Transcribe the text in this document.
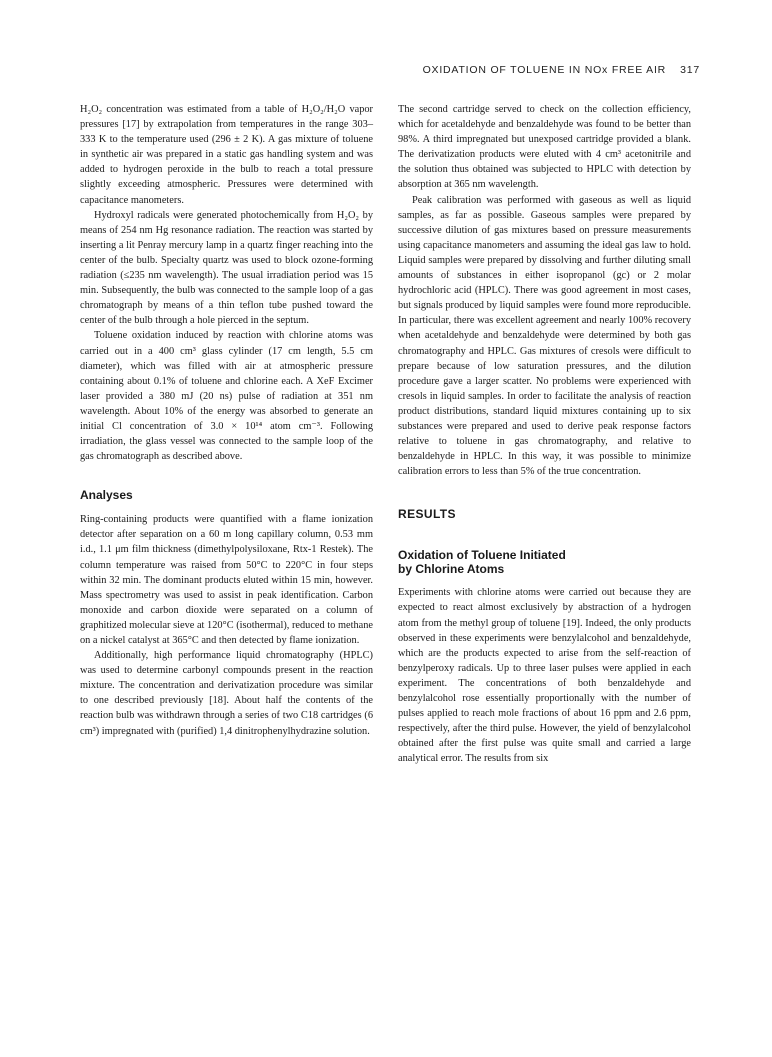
OXIDATION OF TOLUENE IN NOx FREE AIR 317

H₂O₂ concentration was estimated from a table of H₂O₂/H₂O vapor pressures [17] by extrapolation from temperatures in the range 303–333 K to the temperature used (296 ± 2 K). A gas mixture of toluene in synthetic air was prepared in a static gas handling system and was added to hydrogen peroxide in the bulb to reach a total pressure slightly exceeding atmospheric. Pressures were determined with capacitance manometers.

Hydroxyl radicals were generated photochemically from H₂O₂ by means of 254 nm Hg resonance radiation. The reaction was started by inserting a lit Penray mercury lamp in a quartz finger reaching into the center of the bulb. Specialty quartz was used to block ozone-forming radiation (≤235 nm wavelength). The usual irradiation period was 15 min. Subsequently, the bulb was connected to the sample loop of a gas chromatograph by means of a thin teflon tube pushed toward the center of the bulb through a hole pierced in the septum.

Toluene oxidation induced by reaction with chlorine atoms was carried out in a 400 cm³ glass cylinder (17 cm length, 5.5 cm diameter), which was filled with air at atmospheric pressure containing about 0.1% of toluene and chlorine each. A XeF Excimer laser provided a 380 mJ (20 ns) pulse of radiation at 351 nm wavelength. About 10% of the energy was absorbed to generate an initial Cl concentration of 3.0 × 10¹⁴ atom cm⁻³. Following irradiation, the glass vessel was connected to the sample loop of the gas chromatograph as described above.

Analyses

Ring-containing products were quantified with a flame ionization detector after separation on a 60 m long capillary column, 0.53 mm i.d., 1.1 μm film thickness (dimethylpolysiloxane, Rtx-1 Restek). The column temperature was raised from 50°C to 220°C in four steps within 32 min. The dominant products eluted within 15 min, however. Mass spectrometry was used to assist in peak identification. Carbon monoxide and carbon dioxide were separated on a column of graphitized molecular sieve at 120°C (isothermal), reduced to methane on a nickel catalyst at 365°C and then detected by flame ionization.

Additionally, high performance liquid chromatography (HPLC) was used to determine carbonyl compounds present in the reaction mixture. The concentration and derivatization procedure was similar to one described previously [18]. About half the contents of the reaction bulb was withdrawn through a series of two C18 cartridges (6 cm³) impregnated with (purified) 1,4 dinitrophenylhydrazine solution.

The second cartridge served to check on the collection efficiency, which for acetaldehyde and benzaldehyde was found to be better than 98%. A third impregnated but unexposed cartridge provided a blank. The derivatization products were eluted with 4 cm³ acetonitrile and the solution thus obtained was subjected to HPLC with detection by absorption at 365 nm wavelength.

Peak calibration was performed with gaseous as well as liquid samples, as far as possible. Gaseous samples were prepared by successive dilution of gas mixtures based on pressure measurements using capacitance manometers and assuming the ideal gas law to hold. Liquid samples were prepared by dissolving and further diluting small amounts of substances in either isopropanol (gc) or 2 molar hydrochloric acid (HPLC). There was good agreement in most cases, but signals produced by liquid samples were found more reproducible. In particular, there was excellent agreement and nearly 100% recovery when acetaldehyde and benzaldehyde were determined by both gas chromatography and HPLC. Gas mixtures of cresols were difficult to prepare because of low saturation pressures, and the dilution procedure gave a larger scatter. No problems were experienced with cresols in liquid samples. In order to facilitate the analysis of reaction product distributions, standard liquid mixtures containing up to six substances were prepared and used to derive peak response factors relative to toluene in gas chromatography, and relative to benzaldehyde in HPLC. In this way, it was possible to minimize calibration errors to less than 5% of the true concentration.

RESULTS
Oxidation of Toluene Initiated
by Chlorine Atoms

Experiments with chlorine atoms were carried out because they are expected to react almost exclusively by abstraction of a hydrogen atom from the methyl group of toluene [19]. Indeed, the only products observed in these experiments were benzylalcohol and benzaldehyde, which are the products expected to arise from the self-reaction of benzylperoxy radicals. Up to three laser pulses were applied in each experiment. The concentrations of both benzaldehyde and benzylalcohol rose essentially proportionally with the number of pulses applied to reach mole fractions of about 16 ppm and 2.6 ppm, respectively, after the third pulse. However, the yield of benzylalcohol obtained after the first pulse was quite small and carried a large analytical error. The results from six
